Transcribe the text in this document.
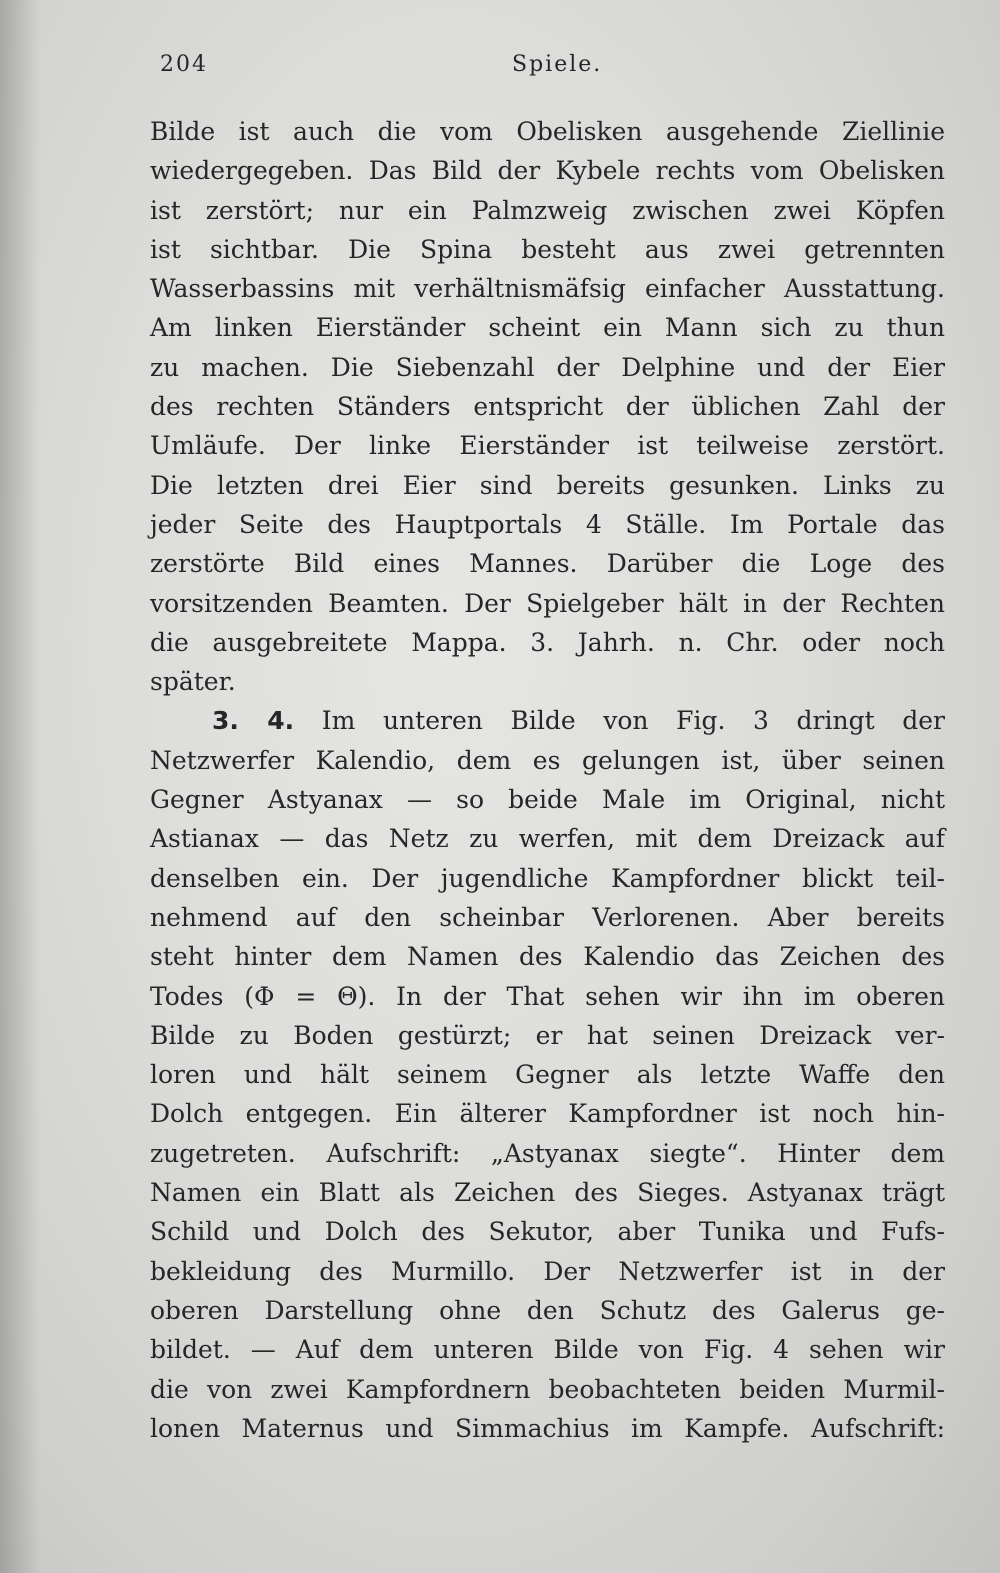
204	Spiele.
Bilde ist auch die vom Obelisken ausgehende Ziellinie
wiedergegeben. Das Bild der Kybele rechts vom Obelisken
ist zerstört; nur ein Palmzweig zwischen zwei Köpfen
ist sichtbar. Die Spina besteht aus zwei getrennten
Wasserbassins mit verhältnismäfsig einfacher Ausstattung.
Am linken Eierständer scheint ein Mann sich zu thun
zu machen. Die Siebenzahl der Delphine und der Eier
des rechten Ständers entspricht der üblichen Zahl der
Umläufe. Der linke Eierständer ist teilweise zerstört.
Die letzten drei Eier sind bereits gesunken. Links zu
jeder Seite des Hauptportals 4 Ställe. Im Portale das
zerstörte Bild eines Mannes. Darüber die Loge des
vorsitzenden Beamten. Der Spielgeber hält in der Rechten
die ausgebreitete Mappa. 3. Jahrh. n. Chr. oder noch
später.
3. 4. Im unteren Bilde von Fig. 3 dringt der
Netzwerfer Kalendio, dem es gelungen ist, über seinen
Gegner Astyanax — so beide Male im Original, nicht
Astianax — das Netz zu werfen, mit dem Dreizack auf
denselben ein. Der jugendliche Kampfordner blickt teil-
nehmend auf den scheinbar Verlorenen. Aber bereits
steht hinter dem Namen des Kalendio das Zeichen des
Todes (Φ = Θ). In der That sehen wir ihn im oberen
Bilde zu Boden gestürzt; er hat seinen Dreizack ver-
loren und hält seinem Gegner als letzte Waffe den
Dolch entgegen. Ein älterer Kampfordner ist noch hin-
zugetreten. Aufschrift: „Astyanax siegte“. Hinter dem
Namen ein Blatt als Zeichen des Sieges. Astyanax trägt
Schild und Dolch des Sekutor, aber Tunika und Fufs-
bekleidung des Murmillo. Der Netzwerfer ist in der
oberen Darstellung ohne den Schutz des Galerus ge-
bildet. — Auf dem unteren Bilde von Fig. 4 sehen wir
die von zwei Kampfordnern beobachteten beiden Murmil-
lonen Maternus und Simmachius im Kampfe. Aufschrift:
